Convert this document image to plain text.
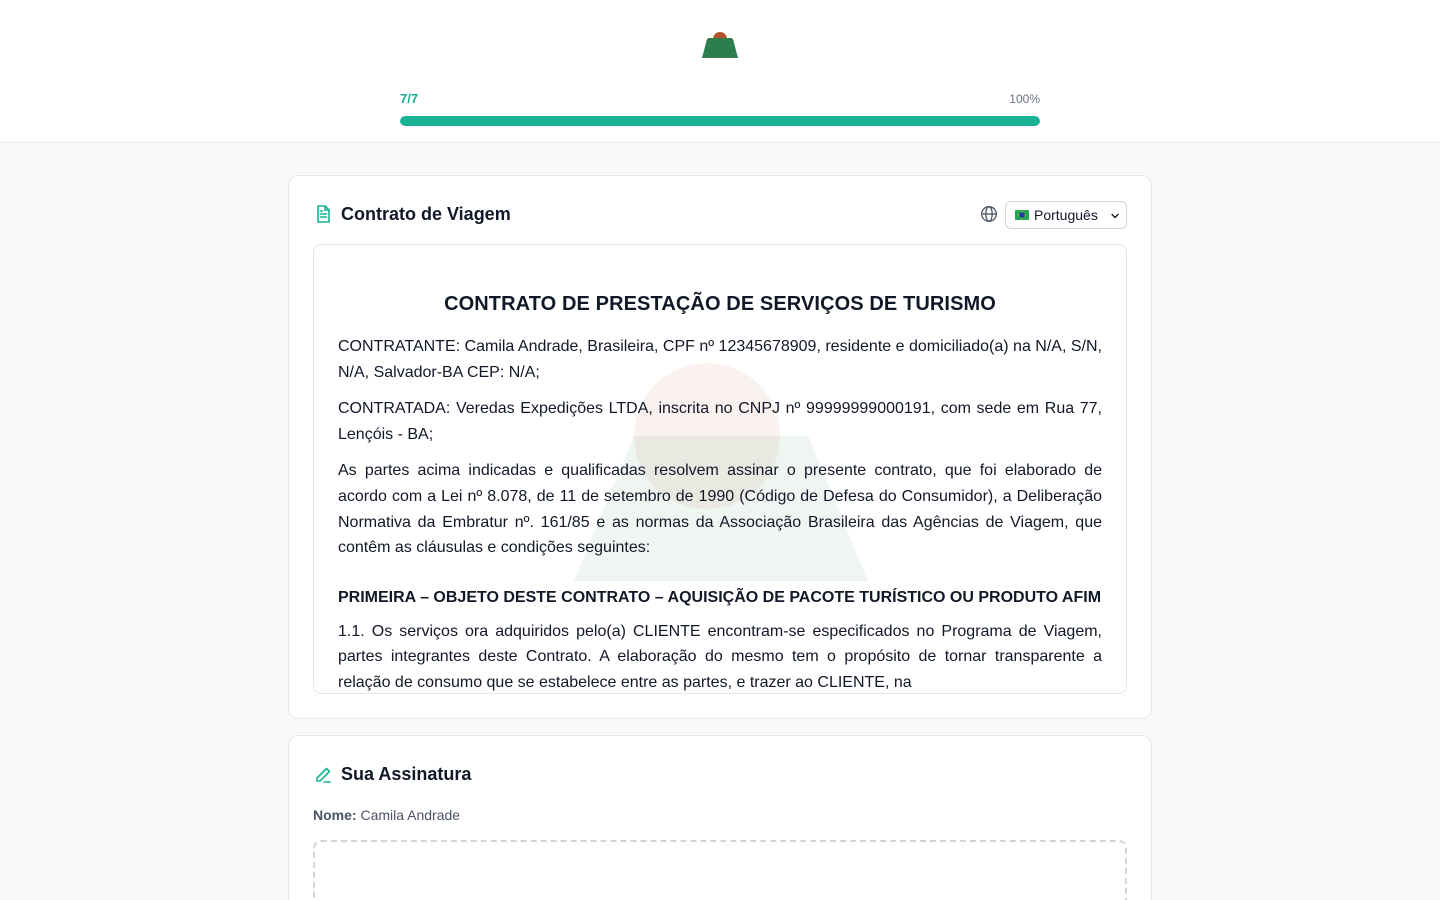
7/7	100%
Contrato de Viagem	Português
CONTRATO DE PRESTAÇÃO DE SERVIÇOS DE TURISMO

CONTRATANTE: Camila Andrade, Brasileira, CPF nº 12345678909, residente e domiciliado(a) na N/A, S/N, N/A, Salvador-BA CEP: N/A;

CONTRATADA: Veredas Expedições LTDA, inscrita no CNPJ nº 99999999000191, com sede em Rua 77, Lençóis - BA;

As partes acima indicadas e qualificadas resolvem assinar o presente contrato, que foi elaborado de acordo com a Lei nº 8.078, de 11 de setembro de 1990 (Código de Defesa do Consumidor), a Deliberação Normativa da Embratur nº. 161/85 e as normas da Associação Brasileira das Agências de Viagem, que contêm as cláusulas e condições seguintes:

PRIMEIRA – OBJETO DESTE CONTRATO – AQUISIÇÃO DE PACOTE TURÍSTICO OU PRODUTO AFIM

1.1. Os serviços ora adquiridos pelo(a) CLIENTE encontram-se especificados no Programa de Viagem, partes integrantes deste Contrato. A elaboração do mesmo tem o propósito de tornar transparente a relação de consumo que se estabelece entre as partes, e trazer ao CLIENTE, na

Sua Assinatura
Nome: Camila Andrade
